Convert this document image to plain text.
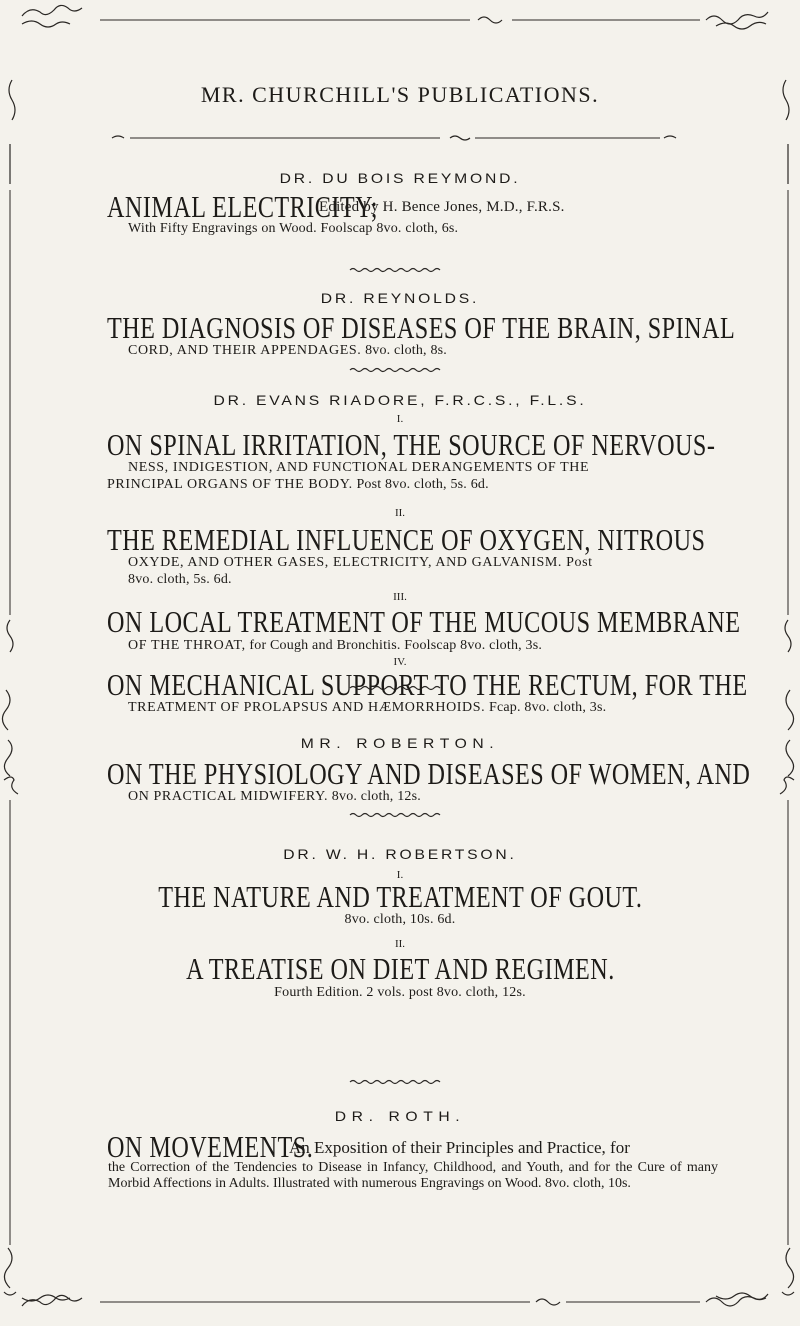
MR. CHURCHILL'S PUBLICATIONS.
DR. DU BOIS REYMOND.
ANIMAL ELECTRICITY;
Edited by H. Bence Jones, M.D., F.R.S.
With Fifty Engravings on Wood. Foolscap 8vo. cloth, 6s.
DR. REYNOLDS.
THE DIAGNOSIS OF DISEASES OF THE BRAIN, SPINAL
CORD, AND THEIR APPENDAGES. 8vo. cloth, 8s.
DR. EVANS RIADORE, F.R.C.S., F.L.S.
I.
ON SPINAL IRRITATION, THE SOURCE OF NERVOUS-
NESS, INDIGESTION, AND FUNCTIONAL DERANGEMENTS OF THE
PRINCIPAL ORGANS OF THE BODY. Post 8vo. cloth, 5s. 6d.
II.
THE REMEDIAL INFLUENCE OF OXYGEN, NITROUS
OXYDE, AND OTHER GASES, ELECTRICITY, AND GALVANISM. Post
8vo. cloth, 5s. 6d.
III.
ON LOCAL TREATMENT OF THE MUCOUS MEMBRANE
OF THE THROAT, for Cough and Bronchitis. Foolscap 8vo. cloth, 3s.
IV.
ON MECHANICAL SUPPORT TO THE RECTUM, FOR THE
TREATMENT OF PROLAPSUS AND HÆMORRHOIDS. Fcap. 8vo. cloth, 3s.
MR. ROBERTON.
ON THE PHYSIOLOGY AND DISEASES OF WOMEN, AND
ON PRACTICAL MIDWIFERY. 8vo. cloth, 12s.
DR. W. H. ROBERTSON.
I.
THE NATURE AND TREATMENT OF GOUT.
8vo. cloth, 10s. 6d.
II.
A TREATISE ON DIET AND REGIMEN.
Fourth Edition. 2 vols. post 8vo. cloth, 12s.
DR. ROTH.
ON MOVEMENTS.
An Exposition of their Principles and Practice, for
the Correction of the Tendencies to Disease in Infancy, Childhood, and Youth, and for the Cure of many Morbid Affections in Adults. Illustrated with numerous Engravings on Wood. 8vo. cloth, 10s.
